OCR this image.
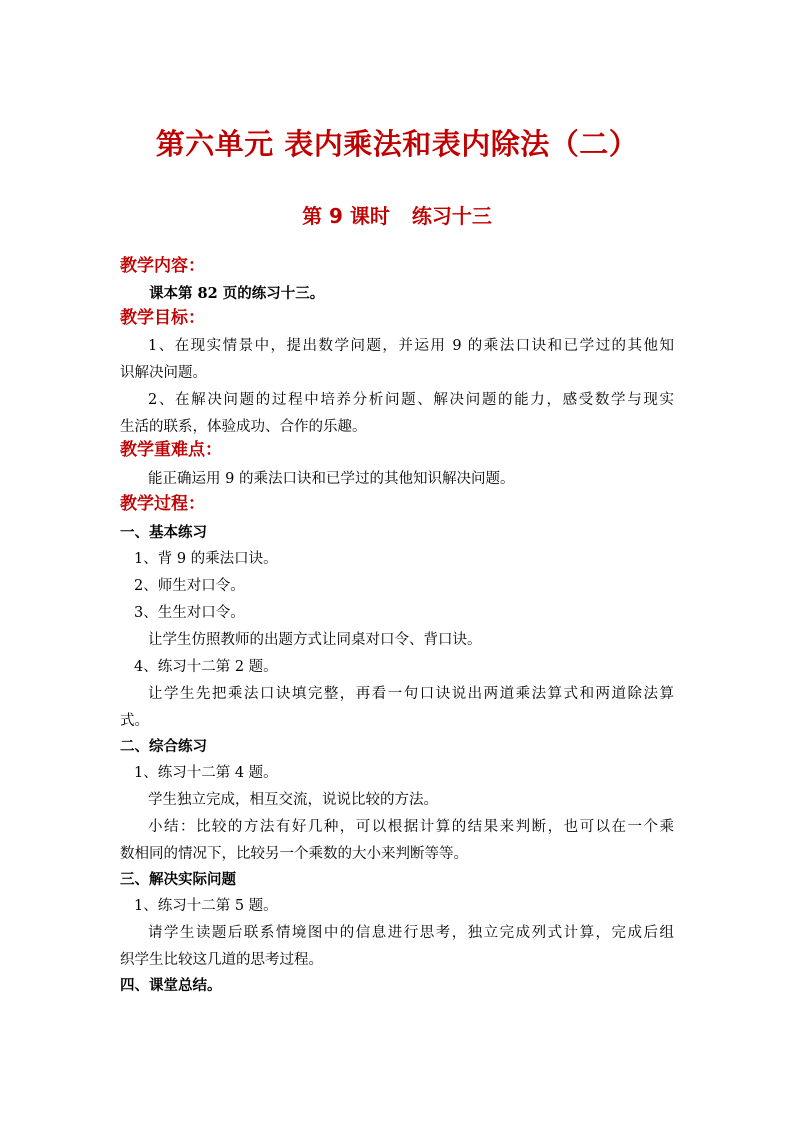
第六单元 表内乘法和表内除法（二）
第 9 课时 练习十三
教学内容：
课本第 82 页的练习十三。
教学目标：
1、在现实情景中，提出数学问题，并运用 9 的乘法口诀和已学过的其他知
识解决问题。
2、在解决问题的过程中培养分析问题、解决问题的能力，感受数学与现实
生活的联系，体验成功、合作的乐趣。
教学重难点：
能正确运用 9 的乘法口诀和已学过的其他知识解决问题。
教学过程：
一、基本练习
1、背 9 的乘法口诀。
2、师生对口令。
3、生生对口令。
让学生仿照教师的出题方式让同桌对口令、背口诀。
4、练习十二第 2 题。
让学生先把乘法口诀填完整，再看一句口诀说出两道乘法算式和两道除法算
式。
二、综合练习
1、练习十二第 4 题。
学生独立完成，相互交流，说说比较的方法。
小结：比较的方法有好几种，可以根据计算的结果来判断，也可以在一个乘
数相同的情况下，比较另一个乘数的大小来判断等等。
三、解决实际问题
1、练习十二第 5 题。
请学生读题后联系情境图中的信息进行思考，独立完成列式计算，完成后组
织学生比较这几道的思考过程。
四、课堂总结。
